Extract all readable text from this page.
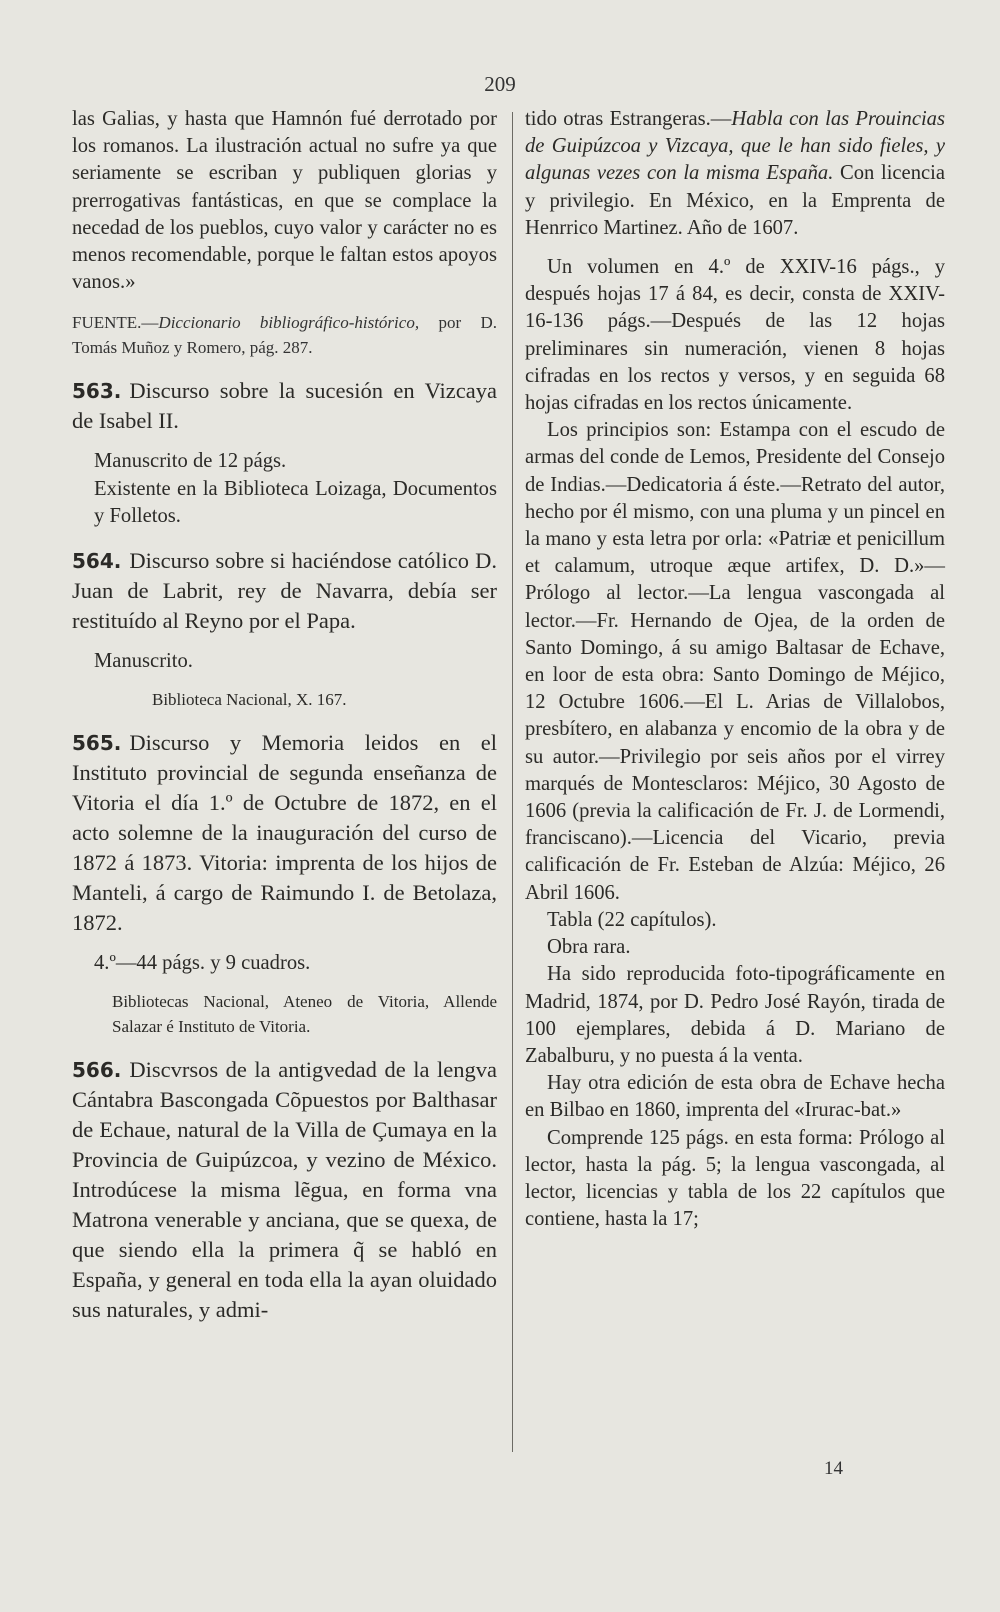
209

las Galias, y hasta que Hamnón fué derrotado por los romanos. La ilustración actual no sufre ya que seriamente se escriban y publiquen glorias y prerrogativas fantásticas, en que se complace la necedad de los pueblos, cuyo valor y carácter no es menos recomendable, porque le faltan estos apoyos vanos.»

FUENTE.—Diccionario bibliográfico-histórico, por D. Tomás Muñoz y Romero, pág. 287.

563. Discurso sobre la sucesión en Vizcaya de Isabel II.

Manuscrito de 12 págs.

Existente en la Biblioteca Loizaga, Documentos y Folletos.

564. Discurso sobre si haciéndose católico D. Juan de Labrit, rey de Navarra, debía ser restituído al Reyno por el Papa.

Manuscrito.

Biblioteca Nacional, X. 167.

565. Discurso y Memoria leidos en el Instituto provincial de segunda enseñanza de Vitoria el día 1.º de Octubre de 1872, en el acto solemne de la inauguración del curso de 1872 á 1873. Vitoria: imprenta de los hijos de Manteli, á cargo de Raimundo I. de Betolaza, 1872.

4.º—44 págs. y 9 cuadros.

Bibliotecas Nacional, Ateneo de Vitoria, Allende Salazar é Instituto de Vitoria.

566. Discvrsos de la antigvedad de la lengva Cántabra Bascongada Cõpuestos por Balthasar de Echaue, natural de la Villa de Çumaya en la Provincia de Guipúzcoa, y vezino de México. Introdúcese la misma lẽgua, en forma vna Matrona venerable y anciana, que se quexa, de que siendo ella la primera q̃ se habló en España, y general en toda ella la ayan oluidado sus naturales, y admi-

tido otras Estrangeras.—Habla con las Prouincias de Guipúzcoa y Vizcaya, que le han sido fieles, y algunas vezes con la misma España. Con licencia y privilegio. En México, en la Emprenta de Henrrico Martinez. Año de 1607.

Un volumen en 4.º de XXIV-16 págs., y después hojas 17 á 84, es decir, consta de XXIV-16-136 págs.—Después de las 12 hojas preliminares sin numeración, vienen 8 hojas cifradas en los rectos y versos, y en seguida 68 hojas cifradas en los rectos únicamente.

Los principios son: Estampa con el escudo de armas del conde de Lemos, Presidente del Consejo de Indias.—Dedicatoria á éste.—Retrato del autor, hecho por él mismo, con una pluma y un pincel en la mano y esta letra por orla: «Patriæ et penicillum et calamum, utroque æque artifex, D. D.»—Prólogo al lector.—La lengua vascongada al lector.—Fr. Hernando de Ojea, de la orden de Santo Domingo, á su amigo Baltasar de Echave, en loor de esta obra: Santo Domingo de Méjico, 12 Octubre 1606.—El L. Arias de Villalobos, presbítero, en alabanza y encomio de la obra y de su autor.—Privilegio por seis años por el virrey marqués de Montesclaros: Méjico, 30 Agosto de 1606 (previa la calificación de Fr. J. de Lormendi, franciscano).—Licencia del Vicario, previa calificación de Fr. Esteban de Alzúa: Méjico, 26 Abril 1606.

Tabla (22 capítulos).

Obra rara.

Ha sido reproducida foto-tipográficamente en Madrid, 1874, por D. Pedro José Rayón, tirada de 100 ejemplares, debida á D. Mariano de Zabalburu, y no puesta á la venta.

Hay otra edición de esta obra de Echave hecha en Bilbao en 1860, imprenta del «Irurac-bat.»

Comprende 125 págs. en esta forma: Prólogo al lector, hasta la pág. 5; la lengua vascongada, al lector, licencias y tabla de los 22 capítulos que contiene, hasta la 17;

14
